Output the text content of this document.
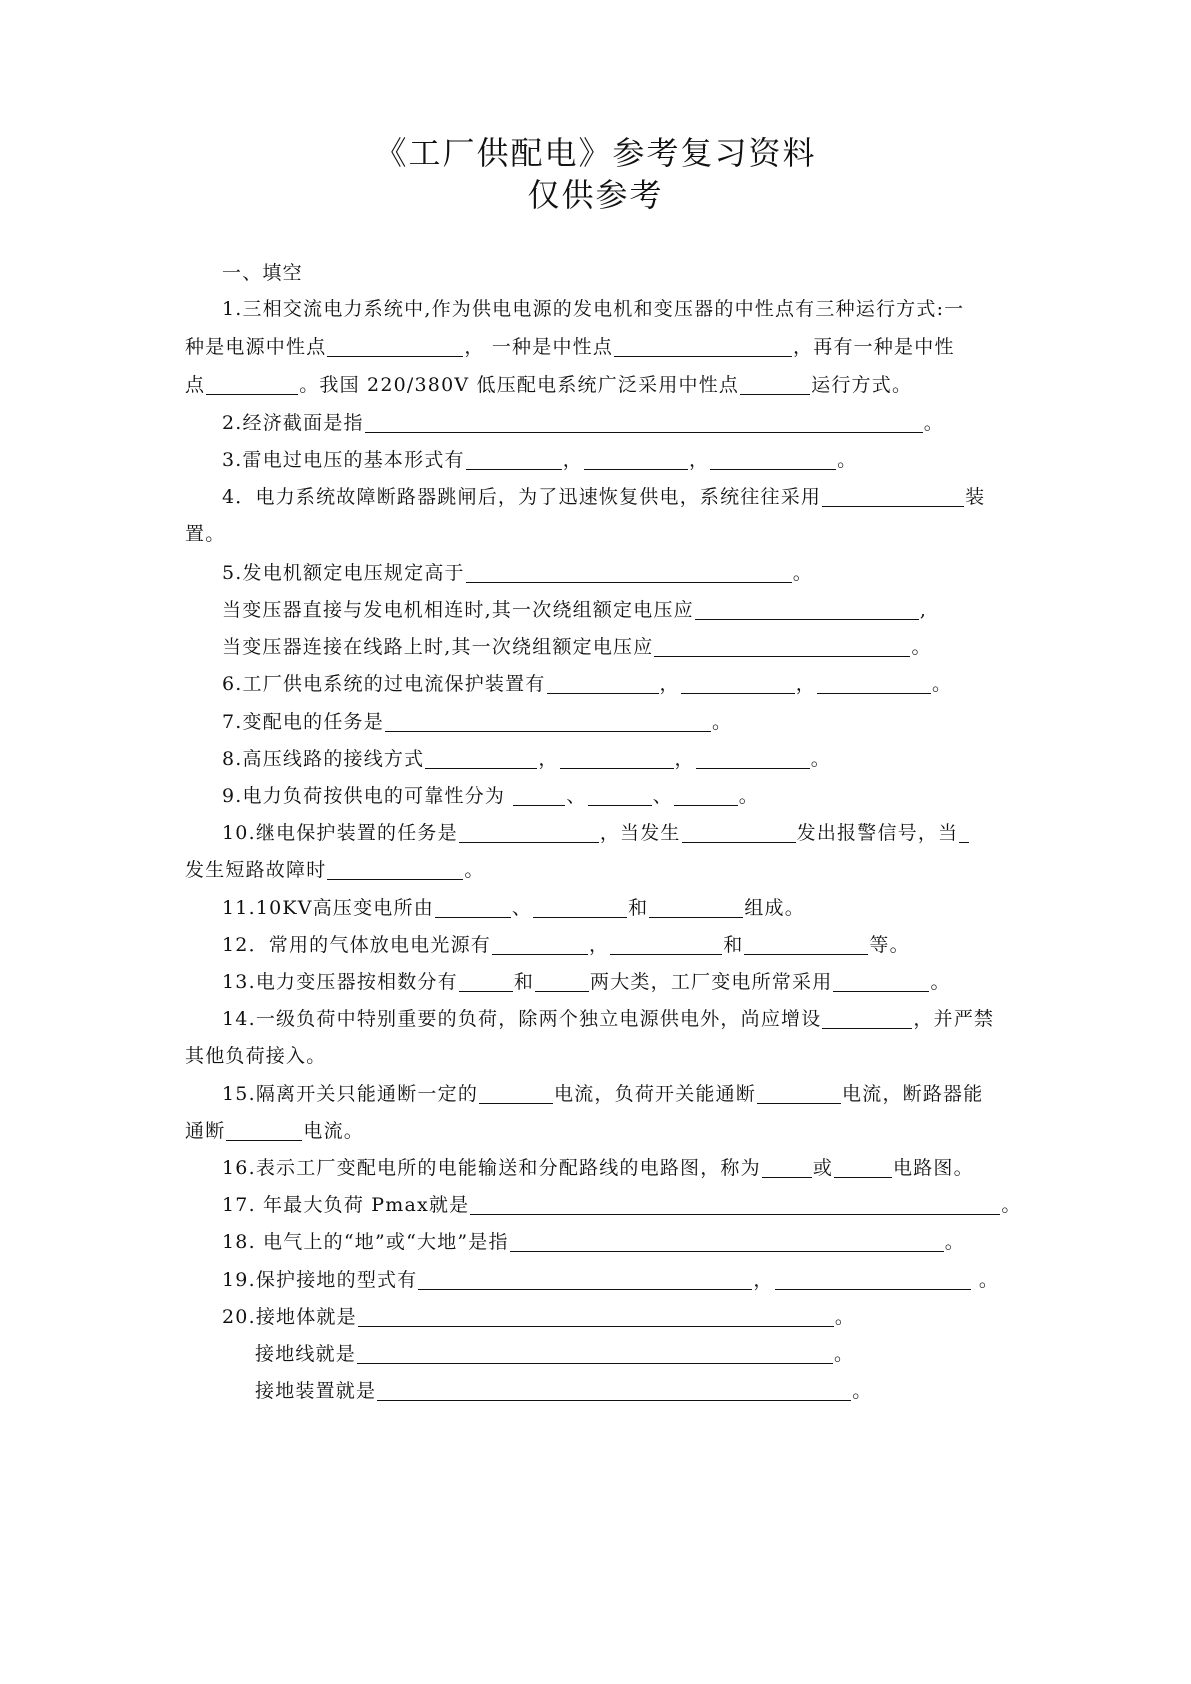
《工厂供配电》参考复习资料
仅供参考
一、填空
1.三相交流电力系统中,作为供电电源的发电机和变压器的中性点有三种运行方式:一
种是电源中性点	， 一种是中性点	，再有一种是中性
点	。我国 220/380V 低压配电系统广泛采用中性点	运行方式。
2.经济截面是指	。
3.雷电过电压的基本形式有	，	，	。
4．电力系统故障断路器跳闸后，为了迅速恢复供电，系统往往采用	装
置。
5.发电机额定电压规定高于	。
当变压器直接与发电机相连时,其一次绕组额定电压应	,
当变压器连接在线路上时,其一次绕组额定电压应	。
6.工厂供电系统的过电流保护装置有	，	，	。
7.变配电的任务是	。
8.高压线路的接线方式	，	，	。
9.电力负荷按供电的可靠性分为	、	、	。
10.继电保护装置的任务是	，当发生	发出报警信号，当
发生短路故障时	。
11.10KV高压变电所由	、	和	组成。
12．常用的气体放电电光源有	，	和	等。
13.电力变压器按相数分有	和	两大类，工厂变电所常采用	。
14.一级负荷中特别重要的负荷，除两个独立电源供电外，尚应增设	，并严禁
其他负荷接入。
15.隔离开关只能通断一定的	电流，负荷开关能通断	电流，断路器能
通断	电流。
16.表示工厂变配电所的电能输送和分配路线的电路图，称为	或	电路图。
17. 年最大负荷 Pmax就是	。
18. 电气上的“地”或“大地”是指	。
19.保护接地的型式有	，	。
20.接地体就是	。
接地线就是	。
接地装置就是	。
